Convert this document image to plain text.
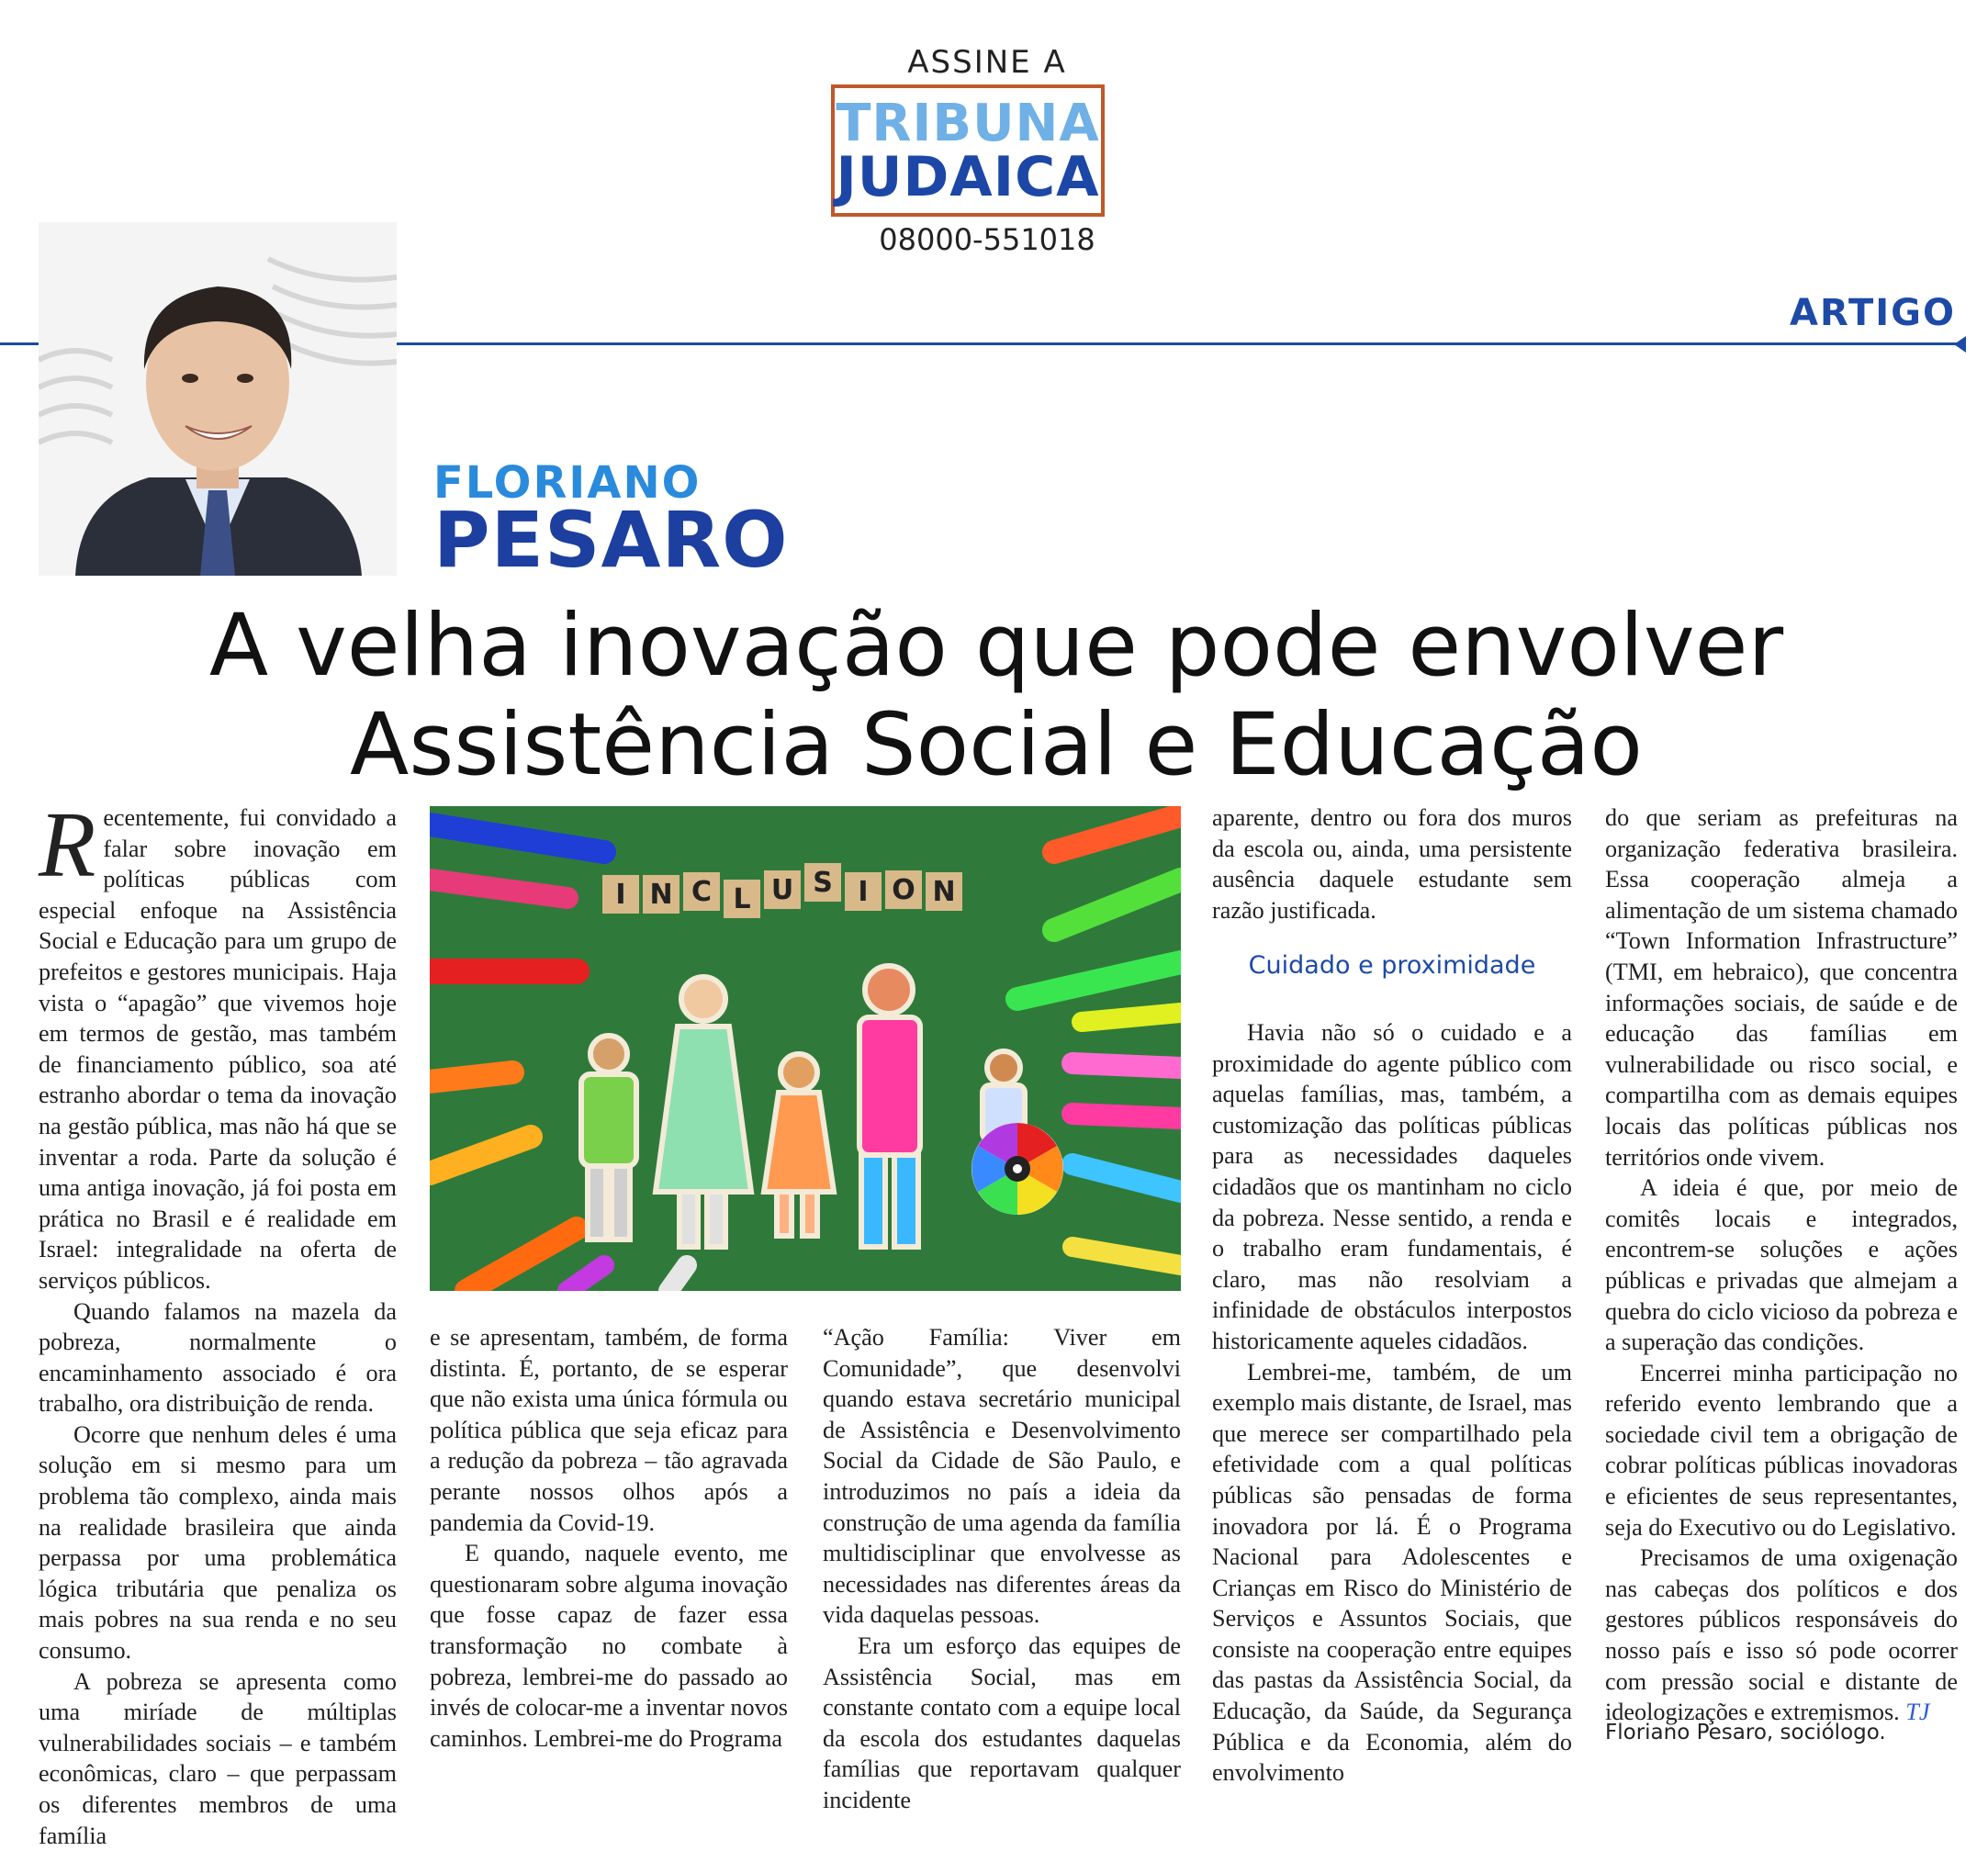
ASSINE A
TRIBUNA
JUDAICA
08000-551018
ARTIGO
FLORIANO
PESARO
A velha inovação que pode envolver
Assistência Social e Educação

Recentemente, fui convidado a falar sobre inovação em políticas públicas com especial enfoque na Assistência Social e Educação para um grupo de prefeitos e gestores municipais. Haja vista o “apagão” que vivemos hoje em termos de gestão, mas também de financiamento público, soa até estranho abordar o tema da inovação na gestão pública, mas não há que se inventar a roda. Parte da solução é uma antiga inovação, já foi posta em prática no Brasil e é realidade em Israel: integralidade na oferta de serviços públicos.

Quando falamos na mazela da pobreza, normalmente o encaminhamento associado é ora trabalho, ora distribuição de renda.

Ocorre que nenhum deles é uma solução em si mesmo para um problema tão complexo, ainda mais na realidade brasileira que ainda perpassa por uma problemática lógica tributária que penaliza os mais pobres na sua renda e no seu consumo.

A pobreza se apresenta como uma miríade de múltiplas vulnerabilidades sociais – e também econômicas, claro – que perpassam os diferentes membros de uma família

I N C L U S I O N

e se apresentam, também, de forma distinta. É, portanto, de se esperar que não exista uma única fórmula ou política pública que seja eficaz para a redução da pobreza – tão agravada perante nossos olhos após a pandemia da Covid-19.

E quando, naquele evento, me questionaram sobre alguma inovação que fosse capaz de fazer essa transformação no combate à pobreza, lembrei-me do passado ao invés de colocar-me a inventar novos caminhos. Lembrei-me do Programa

“Ação Família: Viver em Comunidade”, que desenvolvi quando estava secretário municipal de Assistência e Desenvolvimento Social da Cidade de São Paulo, e introduzimos no país a ideia da construção de uma agenda da família multidisciplinar que envolvesse as necessidades nas diferentes áreas da vida daquelas pessoas.

Era um esforço das equipes de Assistência Social, mas em constante contato com a equipe local da escola dos estudantes daquelas famílias que reportavam qualquer incidente

aparente, dentro ou fora dos muros da escola ou, ainda, uma persistente ausência daquele estudante sem razão justificada.

Cuidado e proximidade

Havia não só o cuidado e a proximidade do agente público com aquelas famílias, mas, também, a customização das políticas públicas para as necessidades daqueles cidadãos que os mantinham no ciclo da pobreza. Nesse sentido, a renda e o trabalho eram fundamentais, é claro, mas não resolviam a infinidade de obstáculos interpostos historicamente aqueles cidadãos.

Lembrei-me, também, de um exemplo mais distante, de Israel, mas que merece ser compartilhado pela efetividade com a qual políticas públicas são pensadas de forma inovadora por lá. É o Programa Nacional para Adolescentes e Crianças em Risco do Ministério de Serviços e Assuntos Sociais, que consiste na cooperação entre equipes das pastas da Assistência Social, da Educação, da Saúde, da Segurança Pública e da Economia, além do envolvimento

do que seriam as prefeituras na organização federativa brasileira. Essa cooperação almeja a alimentação de um sistema chamado “Town Information Infrastructure” (TMI, em hebraico), que concentra informações sociais, de saúde e de educação das famílias em vulnerabilidade ou risco social, e compartilha com as demais equipes locais das políticas públicas nos territórios onde vivem.

A ideia é que, por meio de comitês locais e integrados, encontrem-se soluções e ações públicas e privadas que almejam a quebra do ciclo vicioso da pobreza e a superação das condições.

Encerrei minha participação no referido evento lembrando que a sociedade civil tem a obrigação de cobrar políticas públicas inovadoras e eficientes de seus representantes, seja do Executivo ou do Legislativo.

Precisamos de uma oxigenação nas cabeças dos políticos e dos gestores públicos responsáveis do nosso país e isso só pode ocorrer com pressão social e distante de ideologizações e extremismos. TJ

Floriano Pesaro, sociólogo.
